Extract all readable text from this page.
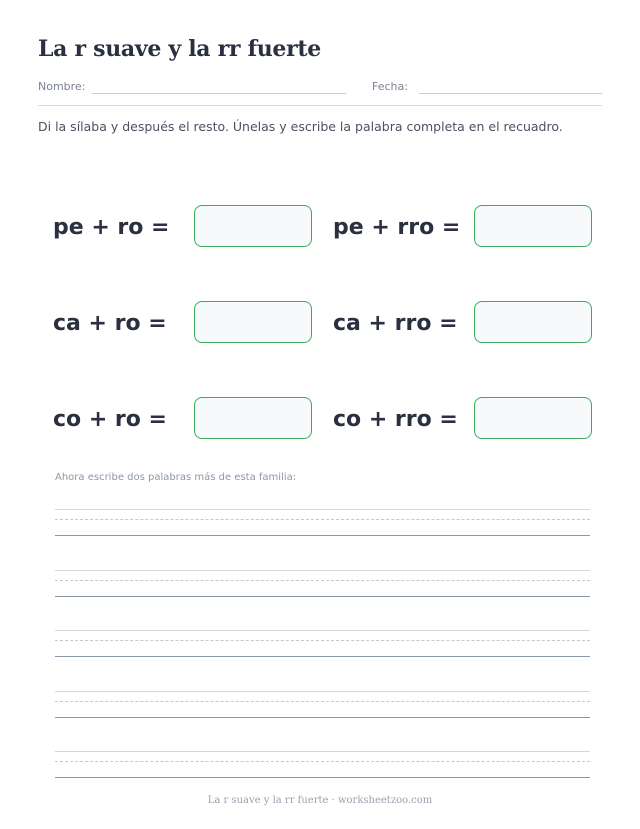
La r suave y la rr fuerte
Nombre:	Fecha:
Di la sílaba y después el resto. Únelas y escribe la palabra completa en el recuadro.
pe + ro =	pe + rro =
ca + ro =	ca + rro =
co + ro =	co + rro =
Ahora escribe dos palabras más de esta familia:
La r suave y la rr fuerte · worksheetzoo.com
